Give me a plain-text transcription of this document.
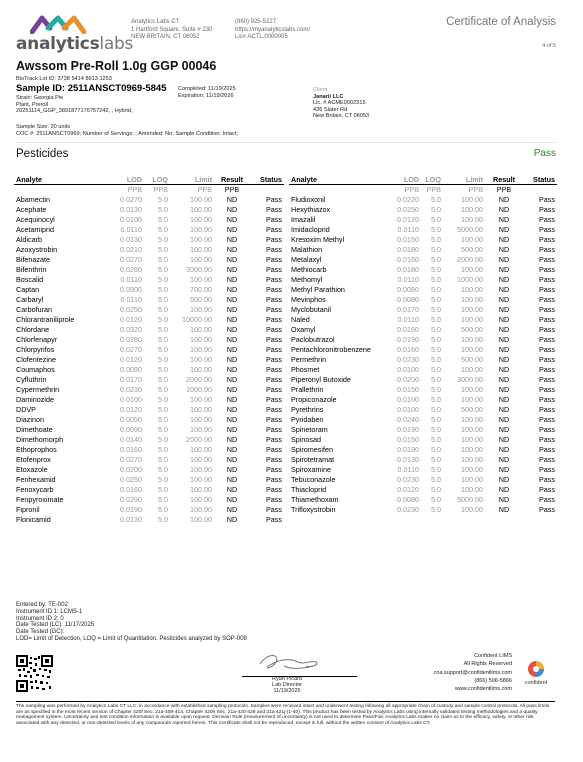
analyticslabs
Analytics Labs CT
1 Hartford Square, Suite # 230
NEW BRITAIN, CT 06052
(860) 925-5227
https://myanalyticslabs.com/
Lic# ACTL.0000005
Certificate of Analysis
4 of 5
Awssom Pre-Roll 1.0g GGP 00046
BioTrack Lot ID: 3738 5414 8913 1253
Sample ID: 2511ANSCT0969-5845
Strain: Georgia Pie
Plant, Preroll
20251114_GGP_3891877176757242, , Hybrid,
Completed: 11/19/2025
Expiration: 11/19/2026
Sample Size: 20 units
COC #: 2511ANSCT0969; Number of Servings: ; Amended: No; Sample Condition: Intact;
Client
Janarii LLC
Lic. # ACME0002315
436 Slater Rd
New Britain, CT 06053
Pesticides	Pass
Analyte	LOD	LOQ	Limit	Result	Status
	PPB	PPB	PPB	PPB	
Abamectin	0.0270	5.0	100.00	ND	Pass
Acephate	0.0130	5.0	100.00	ND	Pass
Acequinocyl	0.0100	5.0	100.00	ND	Pass
Acetamiprid	0.0110	5.0	100.00	ND	Pass
Aldicarb	0.0130	5.0	100.00	ND	Pass
Azoxystrobin	0.0210	5.0	100.00	ND	Pass
Bifenazate	0.0270	5.0	100.00	ND	Pass
Bifenthrin	0.0280	5.0	3000.00	ND	Pass
Boscalid	0.0110	5.0	100.00	ND	Pass
Captan	0.0900	5.0	700.00	ND	Pass
Carbaryl	0.0110	5.0	500.00	ND	Pass
Carbofuran	0.0250	5.0	100.00	ND	Pass
Chlorantraniliprole	0.0120	5.0	10000.00	ND	Pass
Chlordane	0.0320	5.0	100.00	ND	Pass
Chlorfenapyr	0.0280	5.0	100.00	ND	Pass
Chlorpyrifos	0.0270	5.0	100.00	ND	Pass
Clofentezine	0.0120	5.0	100.00	ND	Pass
Coumaphos	0.0090	5.0	100.00	ND	Pass
Cyfluthrin	0.0170	5.0	2000.00	ND	Pass
Cypermethrin	0.0230	5.0	1000.00	ND	Pass
Daminozide	0.0100	5.0	100.00	ND	Pass
DDVP	0.0120	5.0	100.00	ND	Pass
Diazinon	0.0050	5.0	100.00	ND	Pass
Dimethoate	0.0090	5.0	100.00	ND	Pass
Dimethomorph	0.0140	5.0	2000.00	ND	Pass
Ethoprophos	0.0160	5.0	100.00	ND	Pass
Etofenprox	0.0270	5.0	100.00	ND	Pass
Etoxazole	0.0200	5.0	100.00	ND	Pass
Fenhexamid	0.0250	5.0	100.00	ND	Pass
Fenoxycarb	0.0160	5.0	100.00	ND	Pass
Fenpyroximate	0.0290	5.0	100.00	ND	Pass
Fipronil	0.0190	5.0	100.00	ND	Pass
Flonicamid	0.0130	5.0	100.00	ND	Pass
Analyte	LOD	LOQ	Limit	Result	Status
	PPB	PPB	PPB	PPB	
Fludioxonil	0.0220	5.0	100.00	ND	Pass
Hexythiazox	0.0150	5.0	100.00	ND	Pass
Imazalil	0.0120	5.0	100.00	ND	Pass
Imidacloprid	0.0110	5.0	5000.00	ND	Pass
Kresoxim Methyl	0.0150	5.0	100.00	ND	Pass
Malathion	0.0180	5.0	500.00	ND	Pass
Metalaxyl	0.0160	5.0	2000.00	ND	Pass
Methiocarb	0.0180	5.0	100.00	ND	Pass
Methomyl	0.0110	5.0	1000.00	ND	Pass
Methyl Parathion	0.0080	5.0	100.00	ND	Pass
Mevinphos	0.0080	5.0	100.00	ND	Pass
Myclobutanil	0.0170	5.0	100.00	ND	Pass
Naled	0.0110	5.0	100.00	ND	Pass
Oxamyl	0.0160	5.0	500.00	ND	Pass
Paclobutrazol	0.0190	5.0	100.00	ND	Pass
Pentachloronitrobenzene	0.0160	5.0	100.00	ND	Pass
Permethrin	0.0230	5.0	500.00	ND	Pass
Phosmet	0.0100	5.0	100.00	ND	Pass
Piperonyl Butoxide	0.0200	5.0	3000.00	ND	Pass
Prallethrin	0.0150	5.0	100.00	ND	Pass
Propiconazole	0.0100	5.0	100.00	ND	Pass
Pyrethrins	0.0100	5.0	500.00	ND	Pass
Pyridaben	0.0240	5.0	100.00	ND	Pass
Spinetoram	0.0190	5.0	100.00	ND	Pass
Spinosad	0.0150	5.0	100.00	ND	Pass
Spiromesifen	0.0190	5.0	100.00	ND	Pass
Spirotetramat	0.0130	5.0	100.00	ND	Pass
Spiroxamine	0.0110	5.0	100.00	ND	Pass
Tebuconazole	0.0230	5.0	100.00	ND	Pass
Thiacloprid	0.0120	5.0	100.00	ND	Pass
Thiamethoxam	0.0080	5.0	5000.00	ND	Pass
Trifloxystrobin	0.0230	5.0	100.00	ND	Pass
Entered by: TE-002
Instrument ID 1: LCMS-1
Instrument ID 2: 0
Date Tested (LC): 11/17/2025
Date Tested (GC):
LOD= Limit of Detection, LOQ = Limit of Quantitation. Pesticides analyzed by SOP-008
Ryan Picard
Lab Director
11/19/2025
Confident LIMS
All Rights Reserved
coa.support@confidentlims.com
(866) 506-5866
www.confidentlims.com
confident
The sampling was performed by Analytics Labs CT LLC, in accordance with established sampling protocols. Samples were received intact and underwent testing following all appropriate chain of custody and sample control protocols. All pass limits are as specified in the most recent version of Chapter 420f Sec. 21a-408-414, Chapter 420h Sec. 21a-420-429 and 21a 421j-(1-40). This product has been tested by Analytics Labs using internally validated testing methodologies and a quality management system. Uncertainty and test condition information is available upon request. Decision Rule (measurement of uncertainty) is not used to determine Pass/Fail. Analytics Labs makes no claim as to the efficacy, safety, or other risk associated with any detected, or non-detected levels of any compounds reported herein. This Certificate shall not be reproduced, except in full, without the written consent of Analytics Labs CT.
